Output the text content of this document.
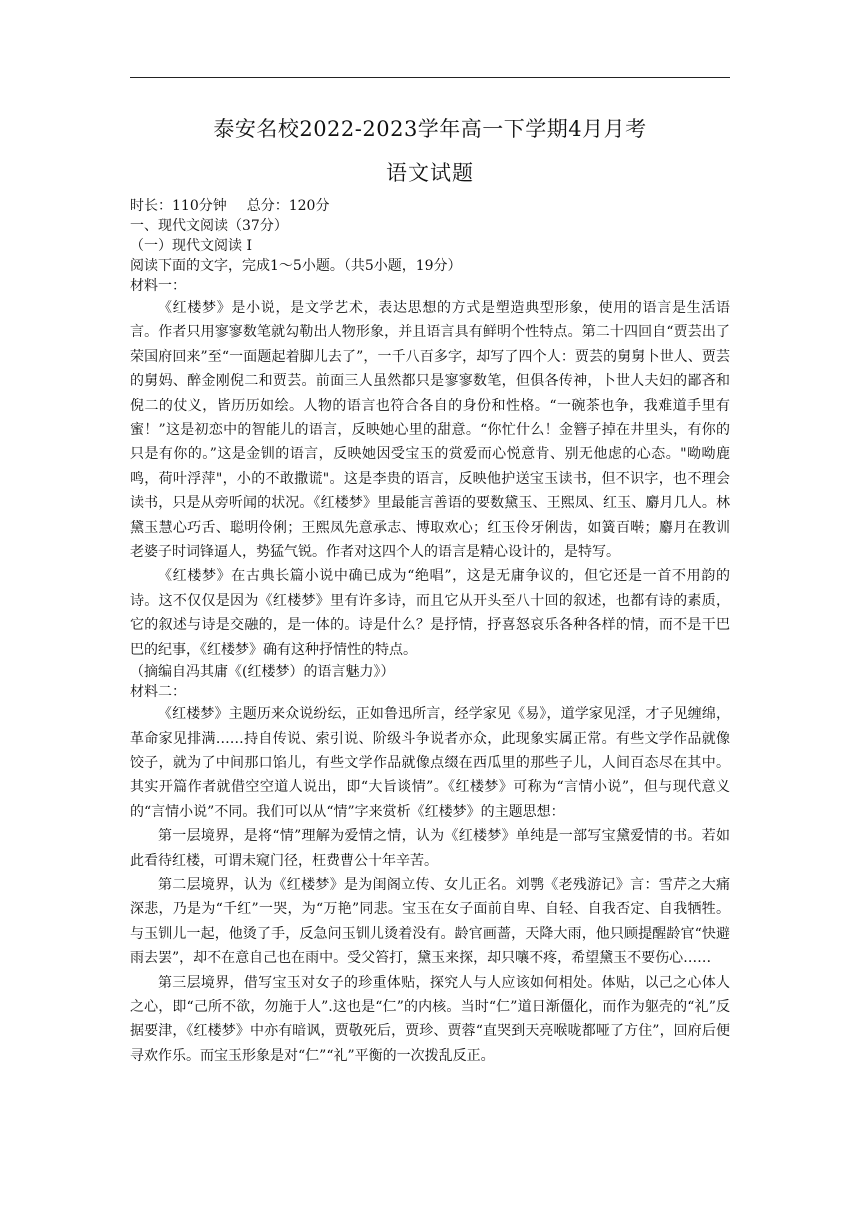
泰安名校2022-2023学年高一下学期4月月考
语文试题
时长：110分钟 总分：120分
一、现代文阅读（37分）
（一）现代文阅读 I
阅读下面的文字，完成1～5小题。（共5小题，19分）
材料一：

《红楼梦》是小说，是文学艺术，表达思想的方式是塑造典型形象，使用的语言是生活语言。作者只用寥寥数笔就勾勒出人物形象，并且语言具有鲜明个性特点。第二十四回自“贾芸出了荣国府回来”至“一面题起着脚儿去了”，一千八百多字，却写了四个人：贾芸的舅舅卜世人、贾芸的舅妈、醉金刚倪二和贾芸。前面三人虽然都只是寥寥数笔，但俱各传神，卜世人夫妇的鄙吝和倪二的仗义，皆历历如绘。人物的语言也符合各自的身份和性格。“一碗茶也争，我难道手里有蜜！”这是初恋中的智能儿的语言，反映她心里的甜意。“你忙什么！金簪子掉在井里头，有你的只是有你的。”这是金钏的语言，反映她因受宝玉的赏爱而心悦意肯、别无他虑的心态。"呦呦鹿鸣，荷叶浮萍"，小的不敢撒谎"。这是李贵的语言，反映他护送宝玉读书，但不识字，也不理会读书，只是从旁听闻的状况。《红楼梦》里最能言善语的要数黛玉、王熙凤、红玉、麝月几人。林黛玉慧心巧舌、聪明伶俐；王熙凤先意承志、博取欢心；红玉伶牙俐齿，如簧百啭；麝月在教训老婆子时词锋逼人，势猛气锐。作者对这四个人的语言是精心设计的，是特写。

《红楼梦》在古典长篇小说中确已成为“绝唱”，这是无庸争议的，但它还是一首不用韵的诗。这不仅仅是因为《红楼梦》里有许多诗，而且它从开头至八十回的叙述，也都有诗的素质，它的叙述与诗是交融的，是一体的。诗是什么？是抒情，抒喜怒哀乐各种各样的情，而不是干巴巴的纪事，《红楼梦》确有这种抒情性的特点。

（摘编自冯其庸《(红楼梦）的语言魅力》）
材料二：

《红楼梦》主题历来众说纷纭，正如鲁迅所言，经学家见《易》，道学家见淫，才子见缠绵，革命家见排满……持自传说、索引说、阶级斗争说者亦众，此现象实属正常。有些文学作品就像饺子，就为了中间那口馅儿，有些文学作品就像点缀在西瓜里的那些子儿，人间百态尽在其中。其实开篇作者就借空空道人说出，即“大旨谈情”。《红楼梦》可称为“言情小说”，但与现代意义的“言情小说”不同。我们可以从“情”字来赏析《红楼梦》的主题思想：

第一层境界，是将“情”理解为爱情之情，认为《红楼梦》单纯是一部写宝黛爱情的书。若如此看待红楼，可谓未窥门径，枉费曹公十年辛苦。

第二层境界，认为《红楼梦》是为闺阁立传、女儿正名。刘鹗《老残游记》言：雪芹之大痛深悲，乃是为“千红”一哭，为“万艳”同悲。宝玉在女子面前自卑、自轻、自我否定、自我牺牲。与玉钏儿一起，他烫了手，反急问玉钏儿烫着没有。龄官画蔷，天降大雨，他只顾提醒龄官“快避雨去罢”，却不在意自己也在雨中。受父笞打，黛玉来探，却只嚷不疼，希望黛玉不要伤心……

第三层境界，借写宝玉对女子的珍重体贴，探究人与人应该如何相处。体贴，以己之心体人之心，即“己所不欲，勿施于人”.这也是“仁”的内核。当时“仁”道日渐僵化，而作为躯壳的“礼”反据要津，《红楼梦》中亦有暗讽，贾敬死后，贾珍、贾蓉“直哭到天亮喉咙都哑了方住”，回府后便寻欢作乐。而宝玉形象是对“仁”“礼”平衡的一次拨乱反正。
